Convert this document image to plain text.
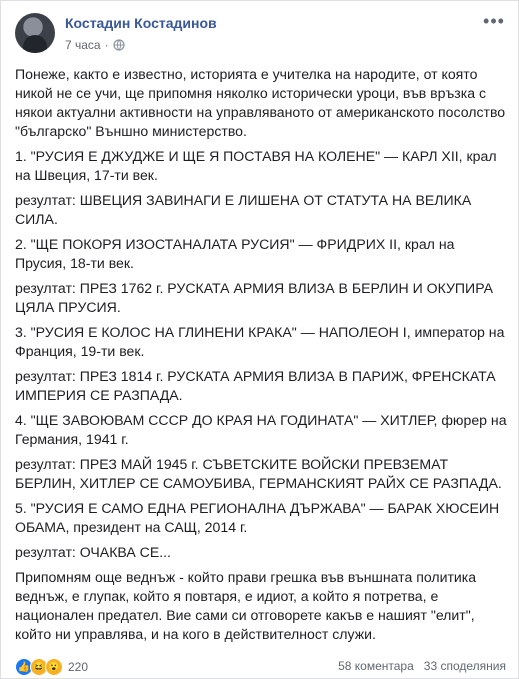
Костадин Костадинов
7 часа ·
•••

Понеже, както е известно, историята е учителка на народите, от която никой не се учи, ще припомня няколко исторически уроци, във връзка с някои актуални активности на управляваното от американското посолство "българско" Външно министерство.

1. "РУСИЯ Е ДЖУДЖЕ И ЩЕ Я ПОСТАВЯ НА КОЛЕНЕ" — КАРЛ XII, крал на Швеция, 17-ти век.

резултат: ШВЕЦИЯ ЗАВИНАГИ Е ЛИШЕНА ОТ СТАТУТА НА ВЕЛИКА СИЛА.

2. "ЩЕ ПОКОРЯ ИЗОСТАНАЛАТА РУСИЯ" — ФРИДРИХ II, крал на Прусия, 18-ти век.

резултат: ПРЕЗ 1762 г. РУСКАТА АРМИЯ ВЛИЗА В БЕРЛИН И ОКУПИРА ЦЯЛА ПРУСИЯ.

3. "РУСИЯ Е КОЛОС НА ГЛИНЕНИ КРАКА" — НАПОЛЕОН I, император на Франция, 19-ти век.

резултат: ПРЕЗ 1814 г. РУСКАТА АРМИЯ ВЛИЗА В ПАРИЖ, ФРЕНСКАТА ИМПЕРИЯ СЕ РАЗПАДА.

4. "ЩЕ ЗАВОЮВАМ СССР ДО КРАЯ НА ГОДИНАТА" — ХИТЛЕР, фюрер на Германия, 1941 г.

резултат: ПРЕЗ МАЙ 1945 г. СЪВЕТСКИТЕ ВОЙСКИ ПРЕВЗЕМАТ БЕРЛИН, ХИТЛЕР СЕ САМОУБИВА, ГЕРМАНСКИЯТ РАЙХ СЕ РАЗПАДА.

5. "РУСИЯ Е САМО ЕДНА РЕГИОНАЛНА ДЪРЖАВА" — БАРАК ХЮСЕИН ОБАМА, президент на САЩ, 2014 г.

резултат: ОЧАКВА СЕ...

Припомням още веднъж - който прави грешка във външната политика веднъж, е глупак, който я повтаря, е идиот, а който я потретва, е национален предател. Вие сами си отговорете какъв е нашият "елит", който ни управлява, и на кого в действителност служи.

👍 😆 😮 220	58 коментара 33 споделяния
